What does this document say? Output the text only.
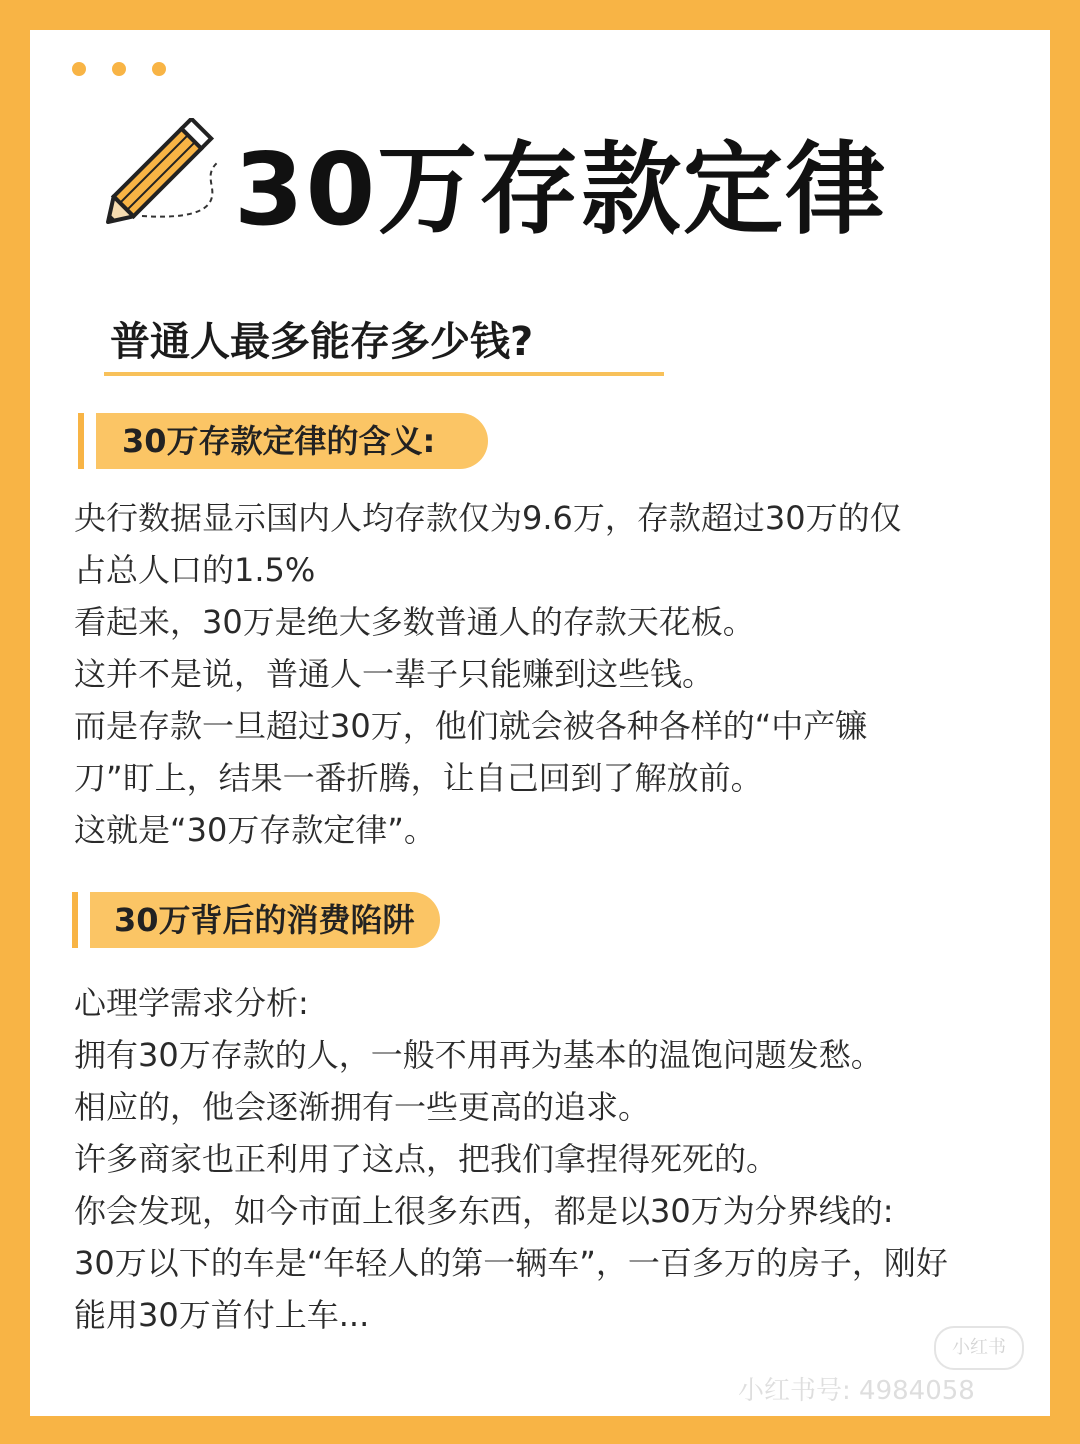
30万存款定律
普通人最多能存多少钱?
30万存款定律的含义:

央行数据显示国内人均存款仅为9.6万，存款超过30万的仅

占总人口的1.5%

看起来，30万是绝大多数普通人的存款天花板。

这并不是说，普通人一辈子只能赚到这些钱。

而是存款一旦超过30万，他们就会被各种各样的“中产镰

刀”盯上，结果一番折腾，让自己回到了解放前。

这就是“30万存款定律”。

30万背后的消费陷阱

心理学需求分析:

拥有30万存款的人，一般不用再为基本的温饱问题发愁。

相应的，他会逐渐拥有一些更高的追求。

许多商家也正利用了这点，把我们拿捏得死死的。

你会发现，如今市面上很多东西，都是以30万为分界线的:

30万以下的车是“年轻人的第一辆车”，一百多万的房子，刚好

能用30万首付上车...

小红书
小红书号: 4984058
